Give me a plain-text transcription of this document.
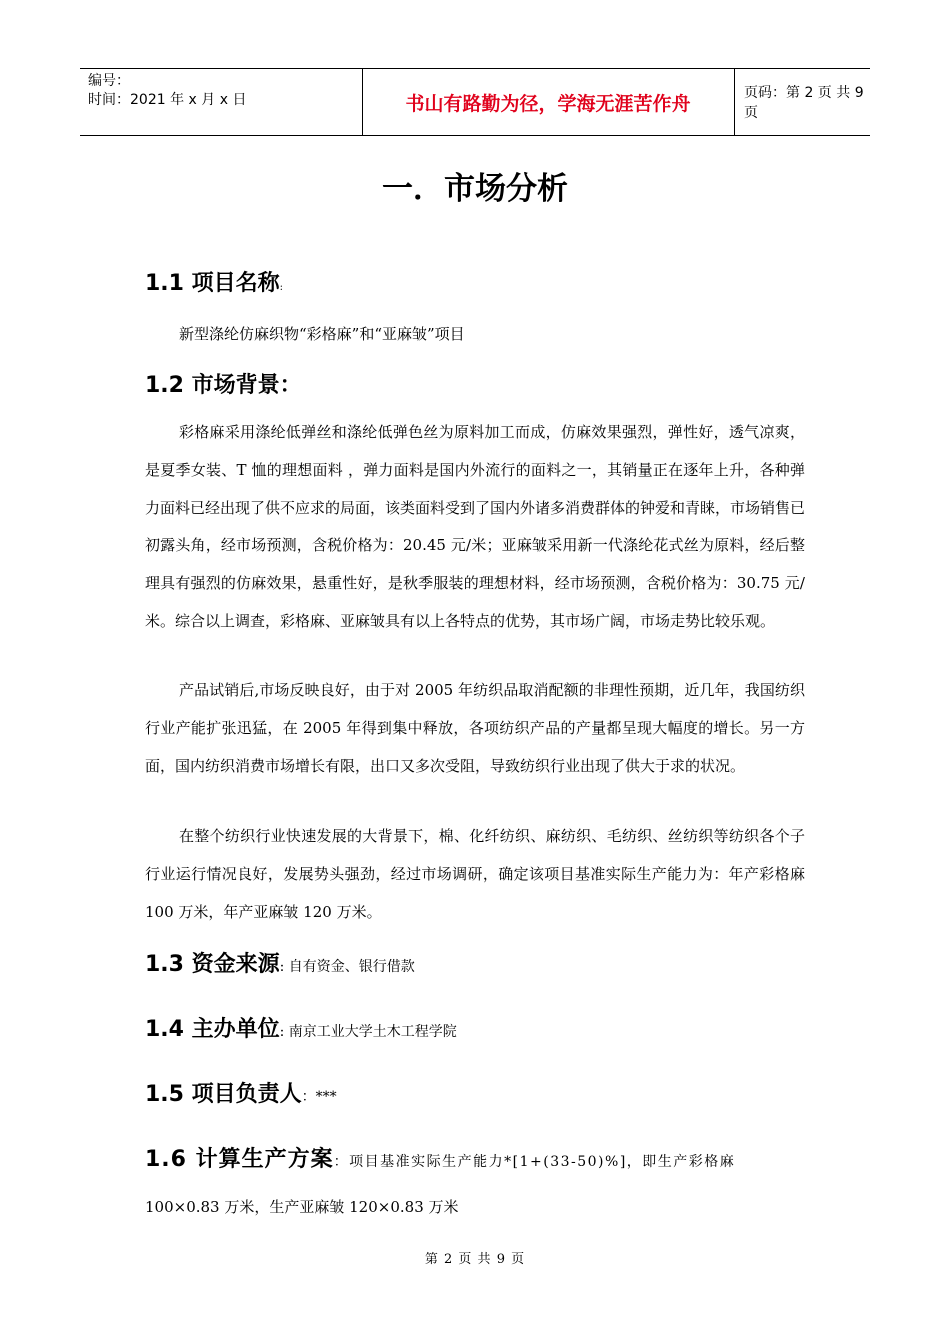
编号：
时间：2021 年 x 月 x 日	书山有路勤为径，学海无涯苦作舟	页码：第 2 页 共 9 页
一．市场分析
1.1 项目名称:

新型涤纶仿麻织物“彩格麻”和“亚麻皱”项目

1.2 市场背景：

彩格麻采用涤纶低弹丝和涤纶低弹色丝为原料加工而成，仿麻效果强烈，弹性好，透气凉爽，是夏季女装、T 恤的理想面料 ，弹力面料是国内外流行的面料之一，其销量正在逐年上升，各种弹力面料已经出现了供不应求的局面，该类面料受到了国内外诸多消费群体的钟爱和青睐，市场销售已初露头角，经市场预测，含税价格为：20.45 元/米；亚麻皱采用新一代涤纶花式丝为原料，经后整理具有强烈的仿麻效果，悬重性好，是秋季服装的理想材料，经市场预测，含税价格为：30.75 元/米。综合以上调查，彩格麻、亚麻皱具有以上各特点的优势，其市场广阔，市场走势比较乐观。

产品试销后,市场反映良好，由于对 2005 年纺织品取消配额的非理性预期，近几年，我国纺织行业产能扩张迅猛，在 2005 年得到集中释放，各项纺织产品的产量都呈现大幅度的增长。另一方面，国内纺织消费市场增长有限，出口又多次受阻，导致纺织行业出现了供大于求的状况。

在整个纺织行业快速发展的大背景下，棉、化纤纺织、麻纺织、毛纺织、丝纺织等纺织各个子行业运行情况良好，发展势头强劲，经过市场调研，确定该项目基准实际生产能力为：年产彩格麻 100 万米，年产亚麻皱 120 万米。

1.3 资金来源: 自有资金、银行借款
1.4 主办单位: 南京工业大学土木工程学院
1.5 项目负责人：***
1.6 计算生产方案：项目基准实际生产能力*[1+(33-50)%]，即生产彩格麻

100×0.83 万米，生产亚麻皱 120×0.83 万米

第 2 页 共 9 页
